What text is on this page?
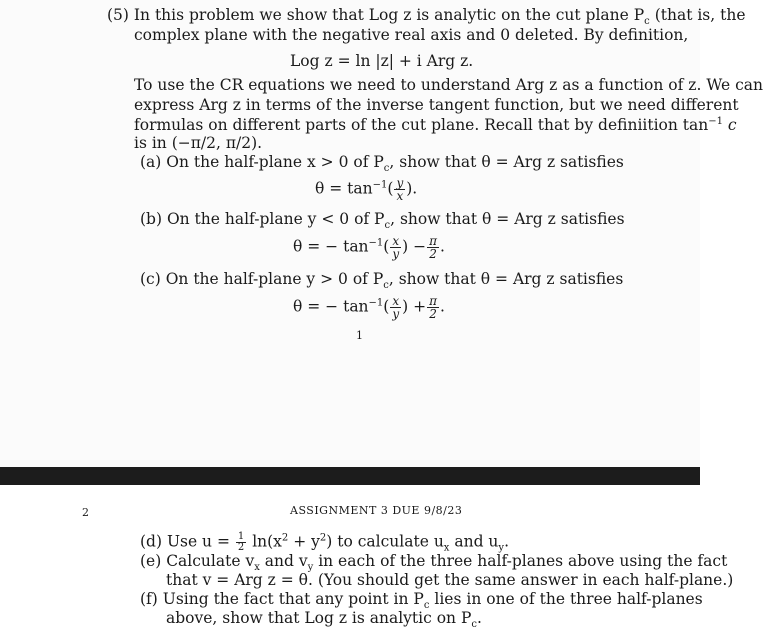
(5) In this problem we show that Log z is analytic on the cut plane $P_c$ (that is, the
complex plane with the negative real axis and 0 deleted. By definition,
Log z = ln |z| + i Arg z.
To use the CR equations we need to understand Arg z as a function of z. We can
express Arg z in terms of the inverse tangent function, but we need different
formulas on different parts of the cut plane. Recall that by definiition $\tan^{-1} c$
is in (−π/2, π/2).
(a) On the half-plane x > 0 of $P_c$, show that θ = Arg z satisfies
$\theta = \tan^{-1}( \frac{y}{x}$ ).
(b) On the half-plane y < 0 of $P_c$, show that θ = Arg z satisfies
θ = − $\tan^{-1}( \frac{x}{y}$ ) − $\frac{\pi}{2}$ .
(c) On the half-plane y > 0 of $P_c$, show that θ = Arg z satisfies
θ = − $\tan^{-1}( \frac{x}{y}$ ) + $\frac{\pi}{2}$ .
1
2	ASSIGNMENT 3 DUE 9/8/23
(d) Use $u = \frac{1}{2} \ln(x^2 + y^2)$ to calculate $u_x$ and $u_y$.
(e) Calculate $v_x$ and $v_y$ in each of the three half-planes above using the fact
that v = Arg z = θ. (You should get the same answer in each half-plane.)
(f) Using the fact that any point in $P_c$ lies in one of the three half-planes
above, show that Log z is analytic on $P_c$.
